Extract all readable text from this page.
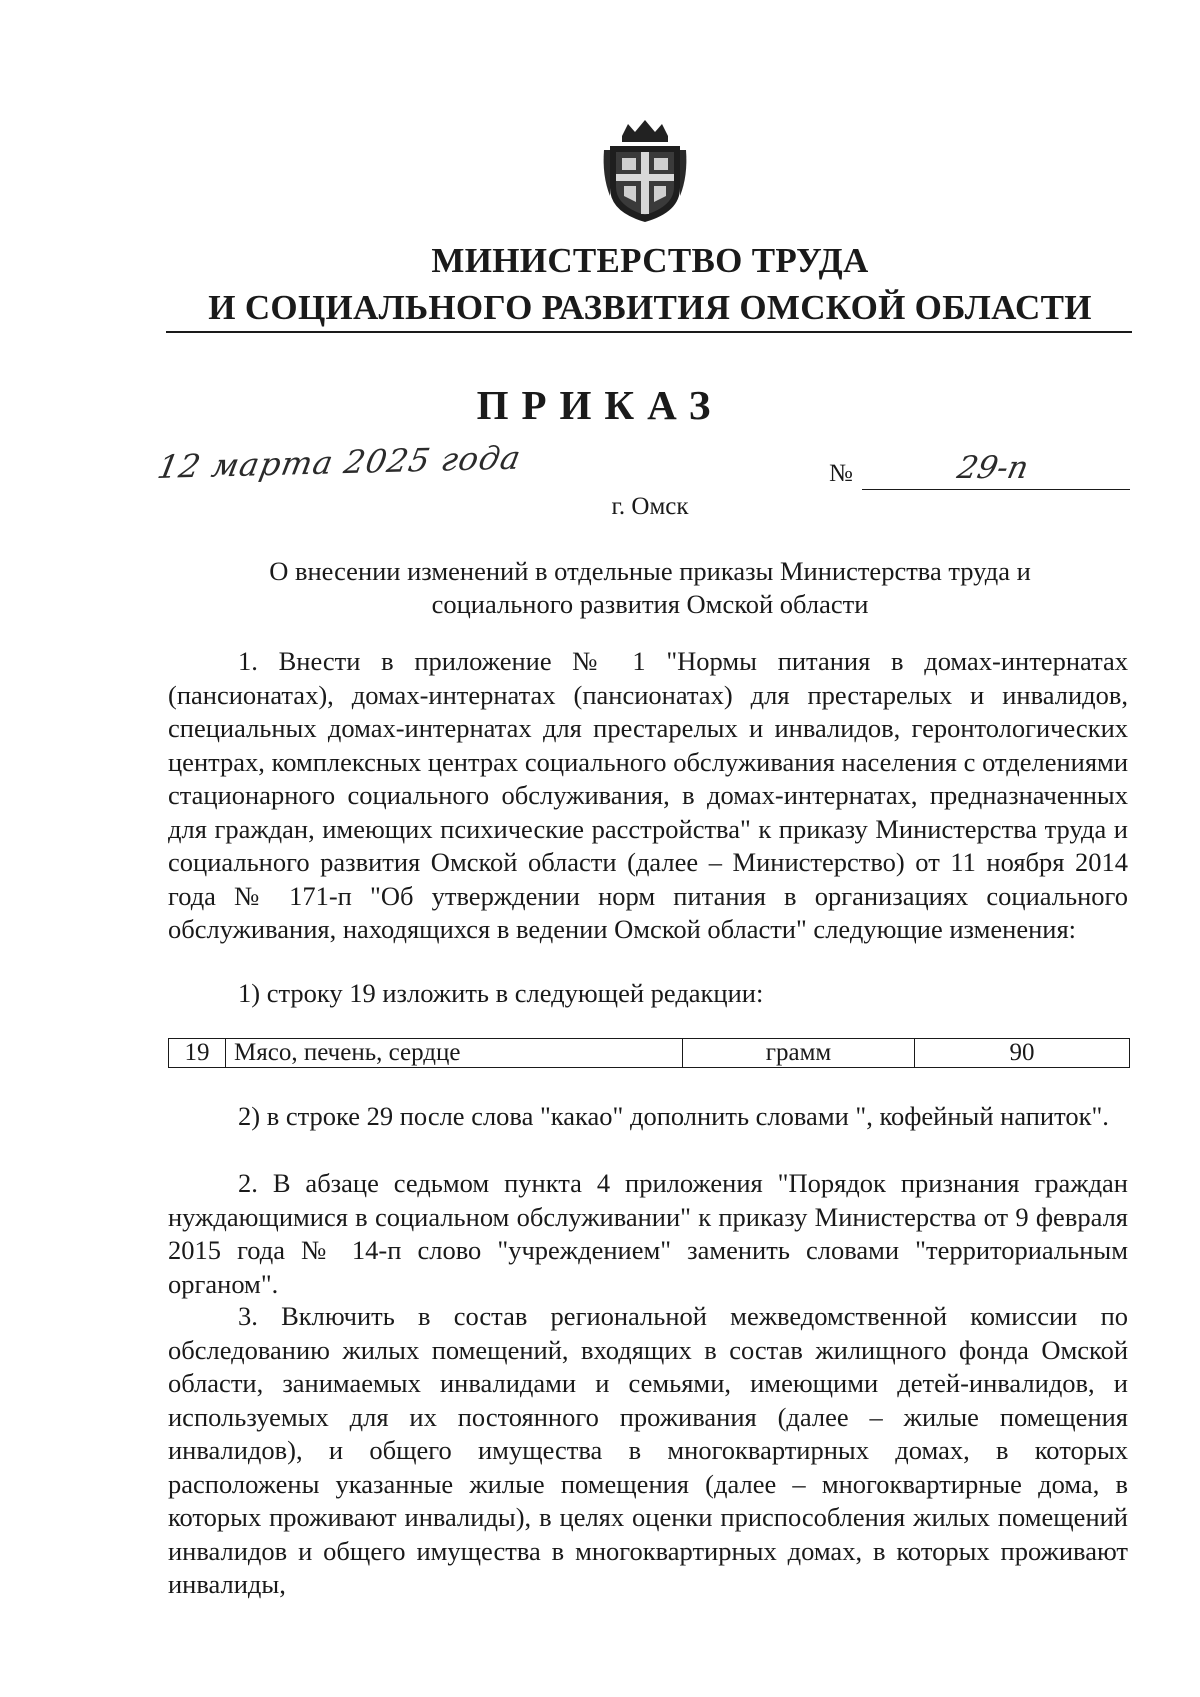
МИНИСТЕРСТВО ТРУДА
И СОЦИАЛЬНОГО РАЗВИТИЯ ОМСКОЙ ОБЛАСТИ
ПРИКАЗ
12 марта 2025 года	№	29-п
г. Омск
О внесении изменений в отдельные приказы Министерства труда и
социального развития Омской области
1. Внести в приложение № 1 "Нормы питания в домах-интернатах (пансионатах), домах-интернатах (пансионатах) для престарелых и инвалидов, специальных домах-интернатах для престарелых и инвалидов, геронтологических центрах, комплексных центрах социального обслуживания населения с отделениями стационарного социального обслуживания, в домах-интернатах, предназначенных для граждан, имеющих психические расстройства" к приказу Министерства труда и социального развития Омской области (далее – Министерство) от 11 ноября 2014 года № 171-п "Об утверждении норм питания в организациях социального обслуживания, находящихся в ведении Омской области" следующие изменения:
1) строку 19 изложить в следующей редакции:
19	Мясо, печень, сердце	грамм	90
2) в строке 29 после слова "какао" дополнить словами ", кофейный напиток".
2. В абзаце седьмом пункта 4 приложения "Порядок признания граждан нуждающимися в социальном обслуживании" к приказу Министерства от 9 февраля 2015 года № 14-п слово "учреждением" заменить словами "территориальным органом".
3. Включить в состав региональной межведомственной комиссии по обследованию жилых помещений, входящих в состав жилищного фонда Омской области, занимаемых инвалидами и семьями, имеющими детей-инвалидов, и используемых для их постоянного проживания (далее – жилые помещения инвалидов), и общего имущества в многоквартирных домах, в которых расположены указанные жилые помещения (далее – многоквартирные дома, в которых проживают инвалиды), в целях оценки приспособления жилых помещений инвалидов и общего имущества в многоквартирных домах, в которых проживают инвалиды,
